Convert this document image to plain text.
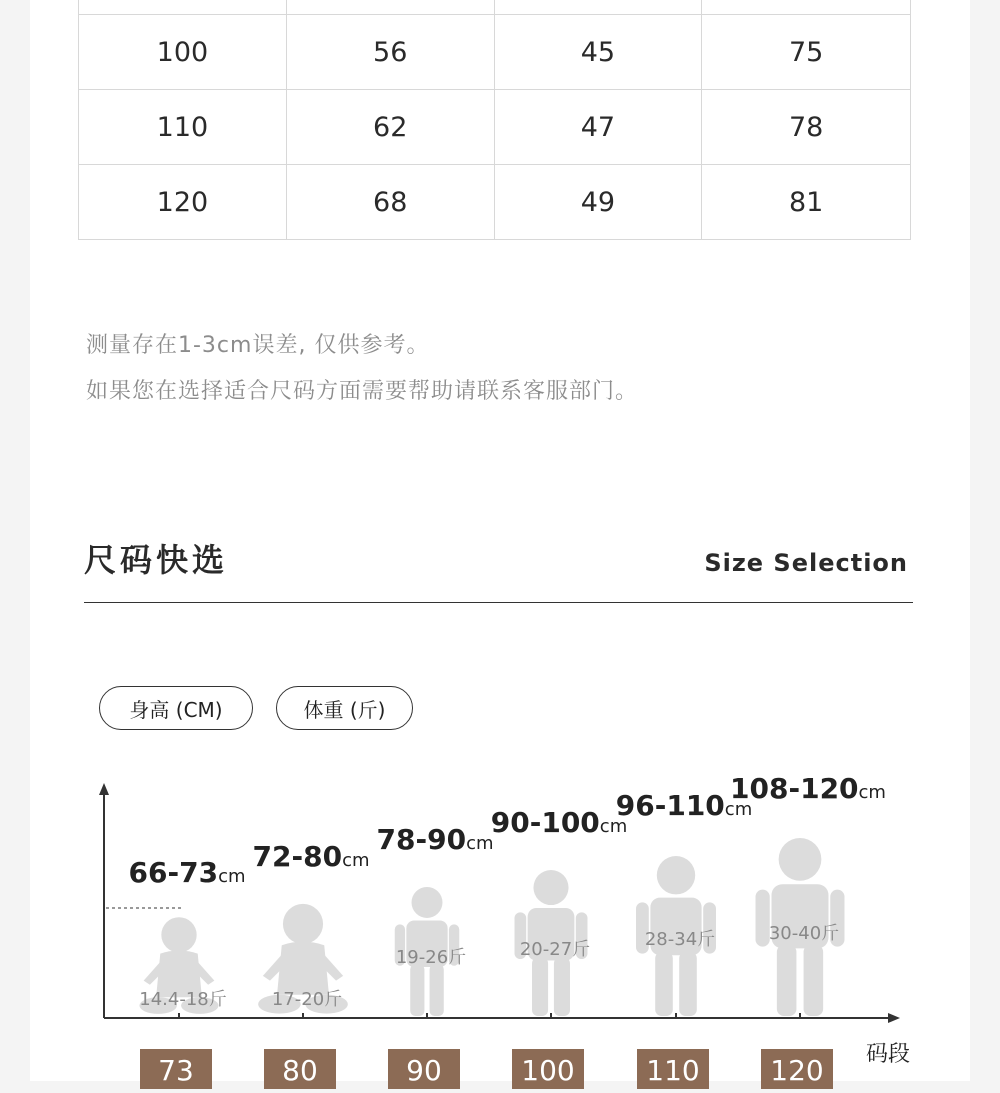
100	56	45	75
110	62	47	78
120	68	49	81
测量存在1-3cm误差, 仅供参考。
如果您在选择适合尺码方面需要帮助请联系客服部门。
尺码快选	Size Selection
身高 (CM)	体重 (斤)
66-73cm
14.4-18斤
73
72-80cm
17-20斤
80
78-90cm
19-26斤
90
90-100cm
20-27斤
100
96-110cm
28-34斤
110
108-120cm
30-40斤
120	码段
